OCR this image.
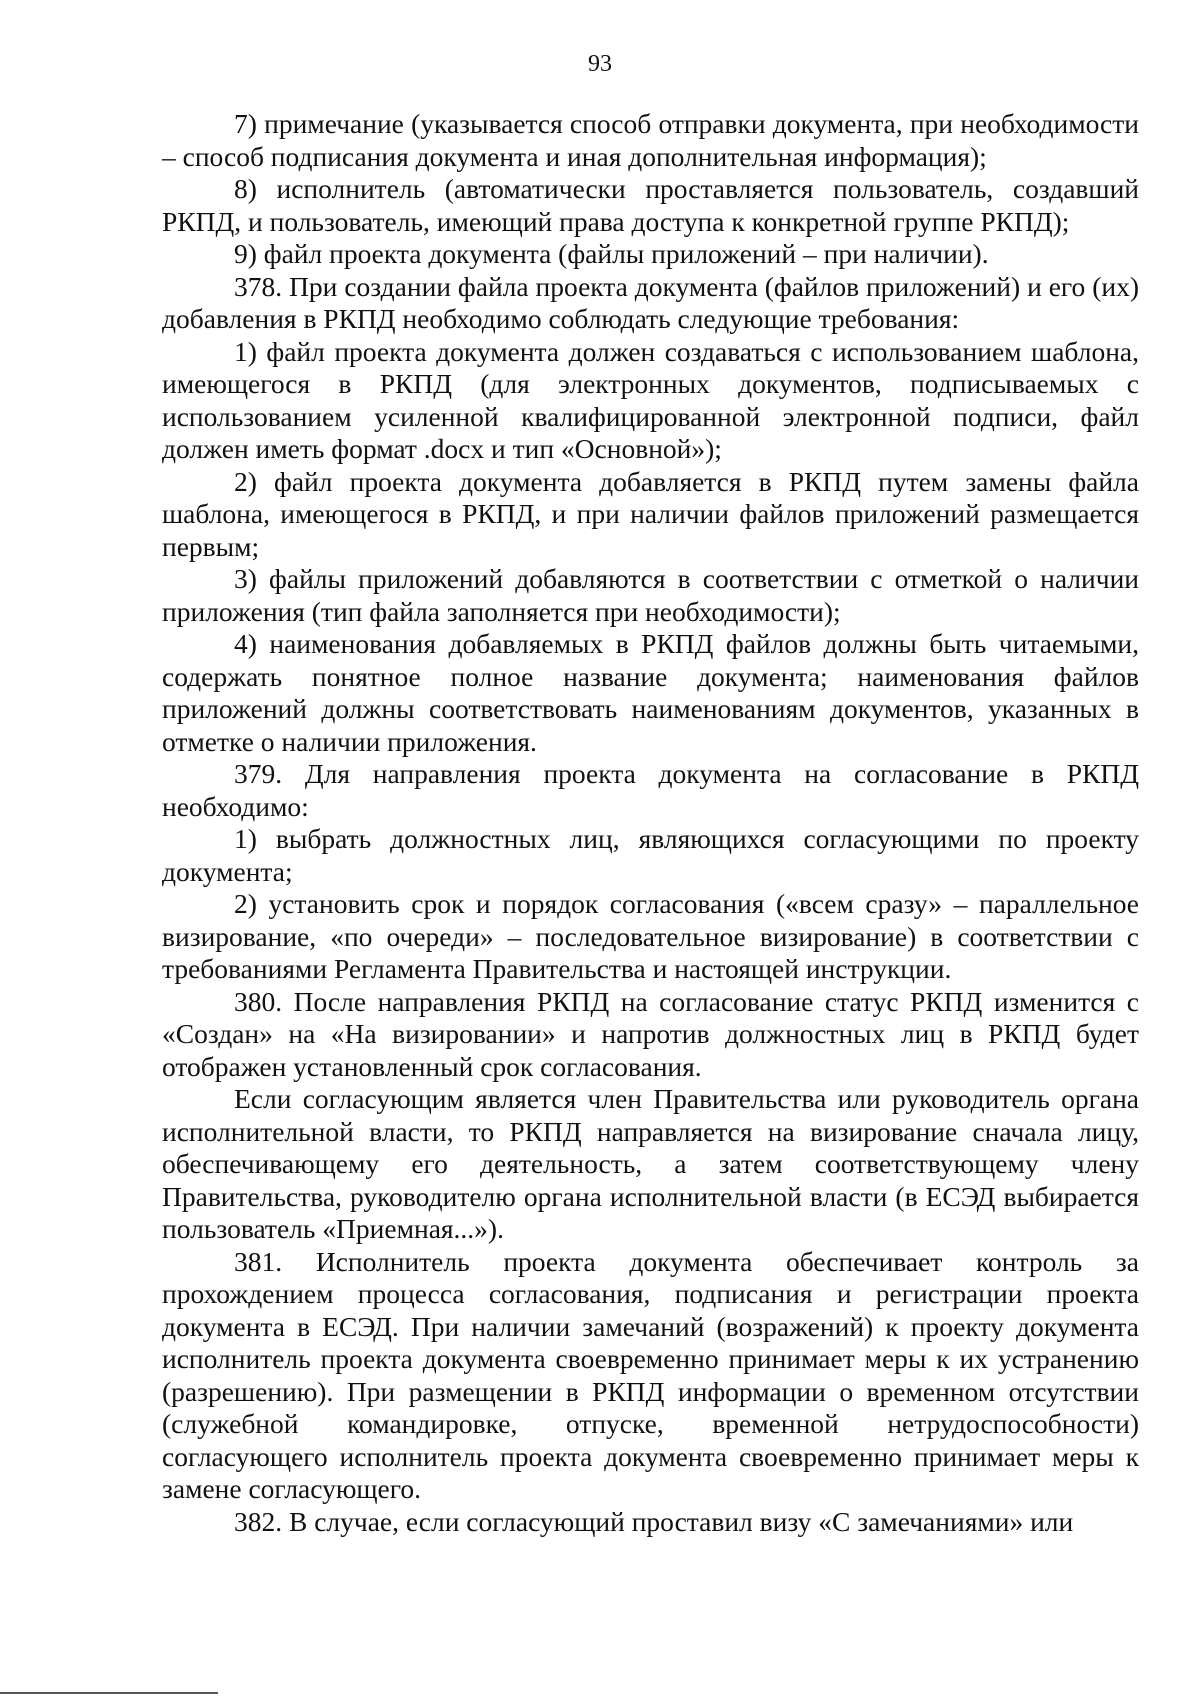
93

7) примечание (указывается способ отправки документа, при необходимости – способ подписания документа и иная дополнительная информация);

8) исполнитель (автоматически проставляется пользователь, создавший РКПД, и пользователь, имеющий права доступа к конкретной группе РКПД);

9) файл проекта документа (файлы приложений – при наличии).

378. При создании файла проекта документа (файлов приложений) и его (их) добавления в РКПД необходимо соблюдать следующие требования:

1) файл проекта документа должен создаваться с использованием шаблона, имеющегося в РКПД (для электронных документов, подписываемых с использованием усиленной квалифицированной электронной подписи, файл должен иметь формат .docx и тип «Основной»);

2) файл проекта документа добавляется в РКПД путем замены файла шаблона, имеющегося в РКПД, и при наличии файлов приложений размещается первым;

3) файлы приложений добавляются в соответствии с отметкой о наличии приложения (тип файла заполняется при необходимости);

4) наименования добавляемых в РКПД файлов должны быть читаемыми, содержать понятное полное название документа; наименования файлов приложений должны соответствовать наименованиям документов, указанных в отметке о наличии приложения.

379. Для направления проекта документа на согласование в РКПД необходимо:

1) выбрать должностных лиц, являющихся согласующими по проекту документа;

2) установить срок и порядок согласования («всем сразу» – параллельное визирование, «по очереди» – последовательное визирование) в соответствии с требованиями Регламента Правительства и настоящей инструкции.

380. После направления РКПД на согласование статус РКПД изменится с «Создан» на «На визировании» и напротив должностных лиц в РКПД будет отображен установленный срок согласования.

Если согласующим является член Правительства или руководитель органа исполнительной власти, то РКПД направляется на визирование сначала лицу, обеспечивающему его деятельность, а затем соответствующему члену Правительства, руководителю органа исполнительной власти (в ЕСЭД выбирается пользователь «Приемная...»).

381. Исполнитель проекта документа обеспечивает контроль за прохождением процесса согласования, подписания и регистрации проекта документа в ЕСЭД. При наличии замечаний (возражений) к проекту документа исполнитель проекта документа своевременно принимает меры к их устранению (разрешению). При размещении в РКПД информации о временном отсутствии (служебной командировке, отпуске, временной нетрудоспособности) согласующего исполнитель проекта документа своевременно принимает меры к замене согласующего.

382. В случае, если согласующий проставил визу «С замечаниями» или
